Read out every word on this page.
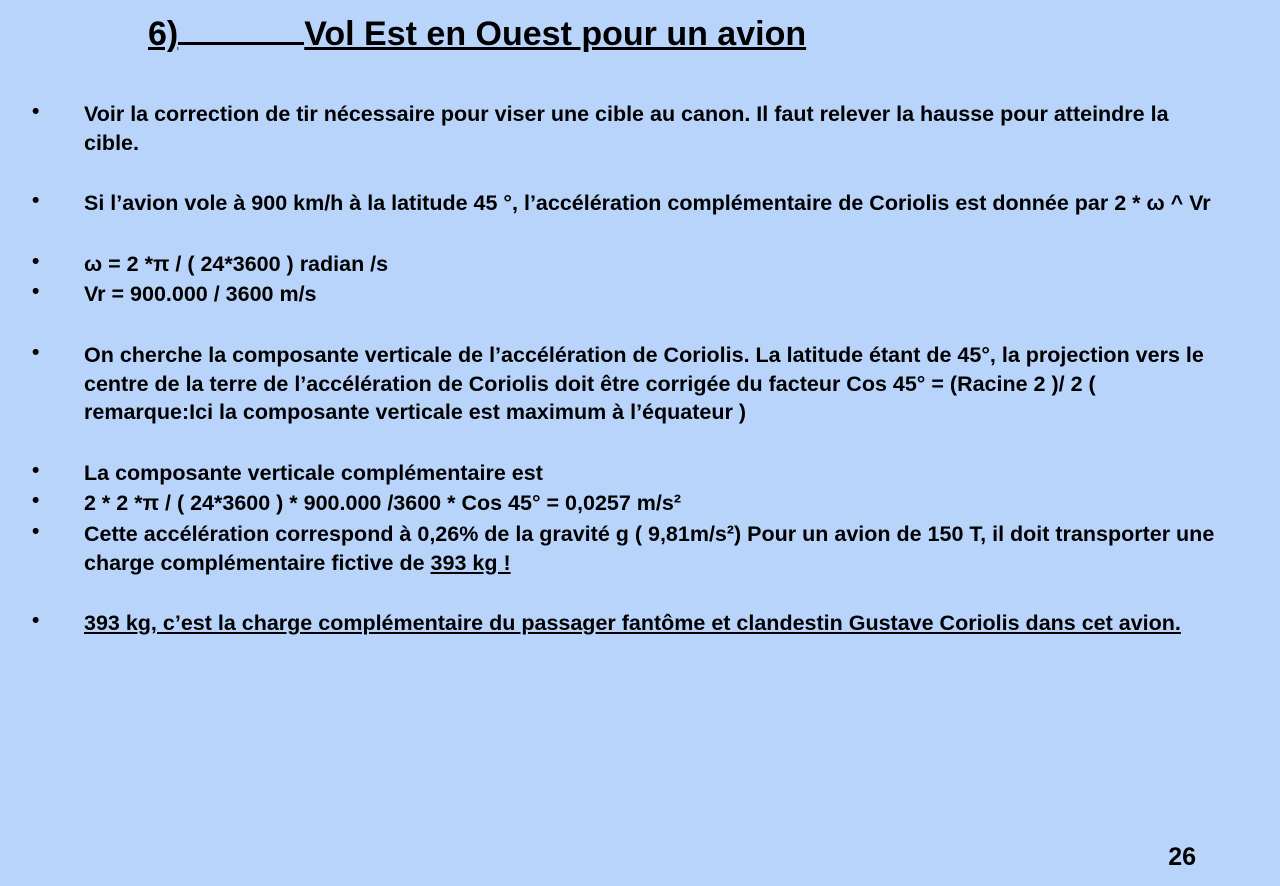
6)	Vol Est en Ouest pour un avion
• Voir la correction de tir nécessaire pour viser une cible au canon. Il faut relever la hausse pour atteindre la cible.
• Si l’avion vole à 900 km/h à la latitude 45 °, l’accélération complémentaire de Coriolis est donnée par 2 * ω ^ Vr
• ω = 2 *π / ( 24*3600 ) radian /s
• Vr = 900.000 / 3600 m/s
• On cherche la composante verticale de l’accélération de Coriolis. La latitude étant de 45°, la projection vers le centre de la terre de l’accélération de Coriolis doit être corrigée du facteur Cos 45° = (Racine 2 )/ 2 ( remarque:Ici la composante verticale est maximum à l’équateur )
• La composante verticale complémentaire est
• 2 * 2 *π / ( 24*3600 ) * 900.000 /3600 * Cos 45° = 0,0257 m/s²
• Cette accélération correspond à 0,26% de la gravité g ( 9,81m/s²) Pour un avion de 150 T, il doit transporter une charge complémentaire fictive de 393 kg !
• 393 kg, c’est la charge complémentaire du passager fantôme et clandestin Gustave Coriolis dans cet avion.
26
